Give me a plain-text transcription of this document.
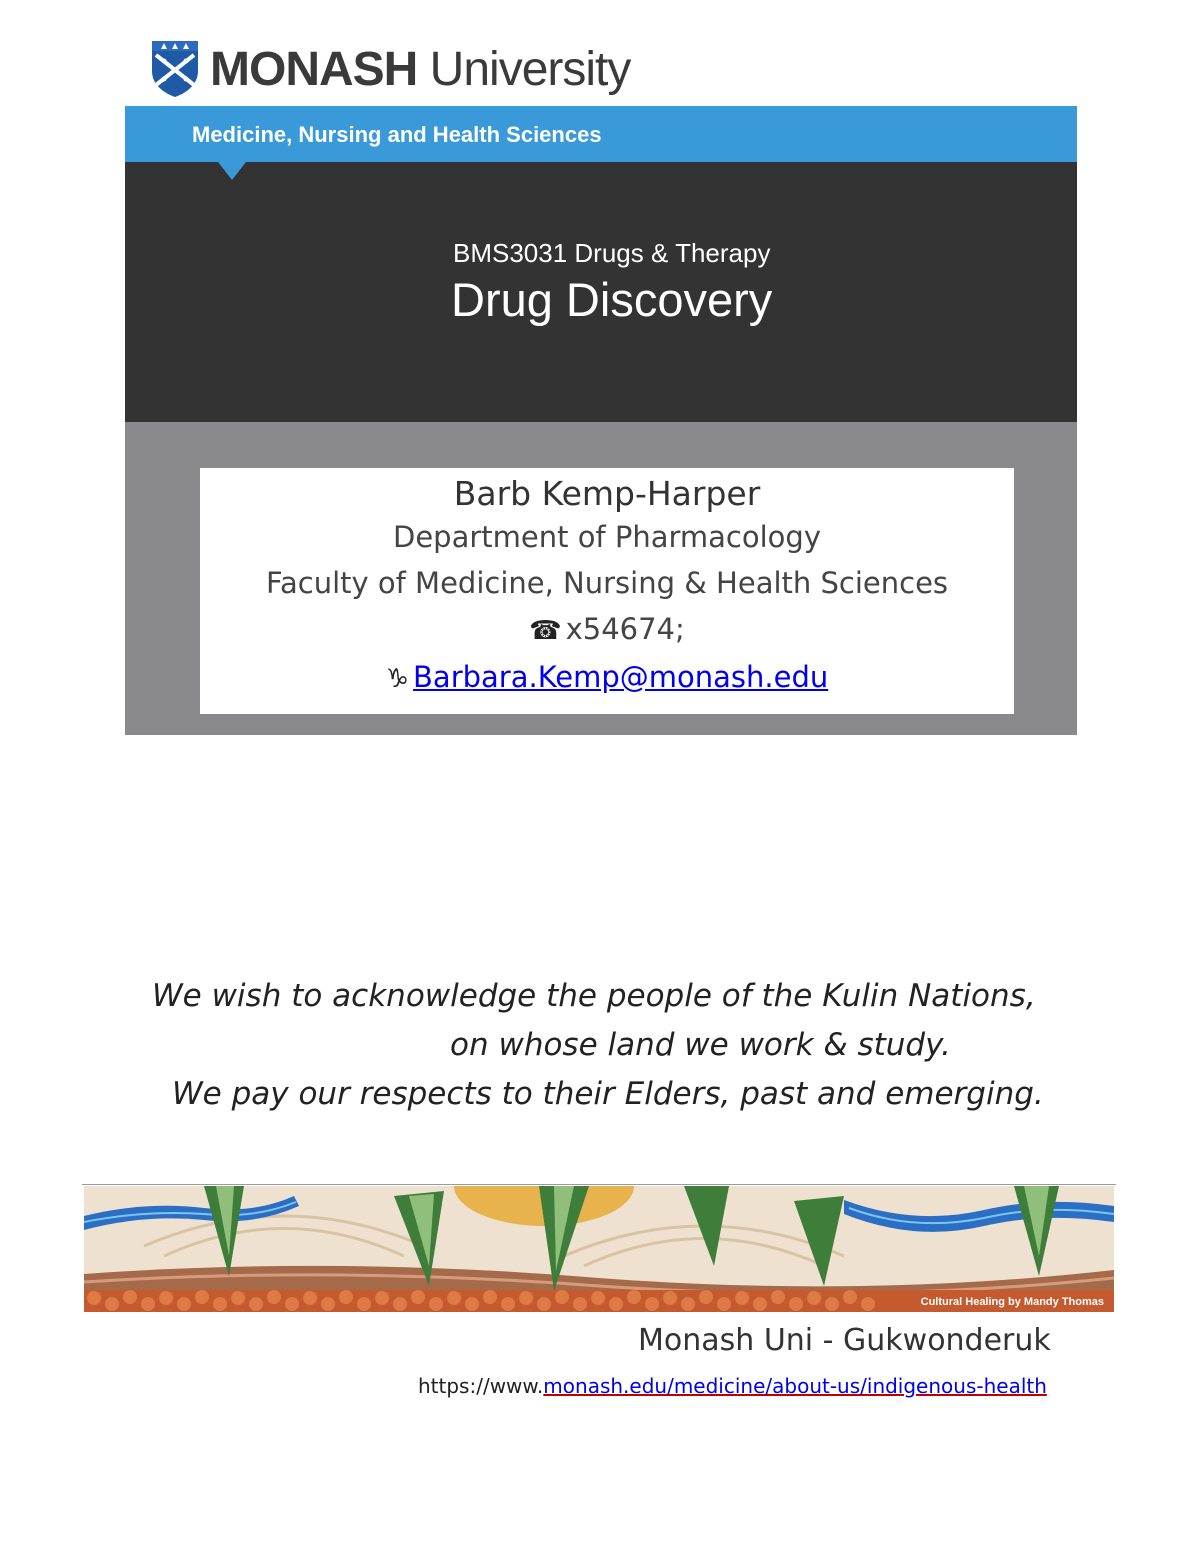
MONASH University
Medicine, Nursing and Health Sciences
BMS3031 Drugs & Therapy
Drug Discovery
Barb Kemp-Harper
Department of Pharmacology
Faculty of Medicine, Nursing & Health Sciences
☎ x54674;
♑ Barbara.Kemp@monash.edu
We wish to acknowledge the people of the Kulin Nations,
on whose land we work & study.
We pay our respects to their Elders, past and emerging.
Cultural Healing by Mandy Thomas
Monash Uni - Gukwonderuk
https://www.monash.edu/medicine/about-us/indigenous-health
